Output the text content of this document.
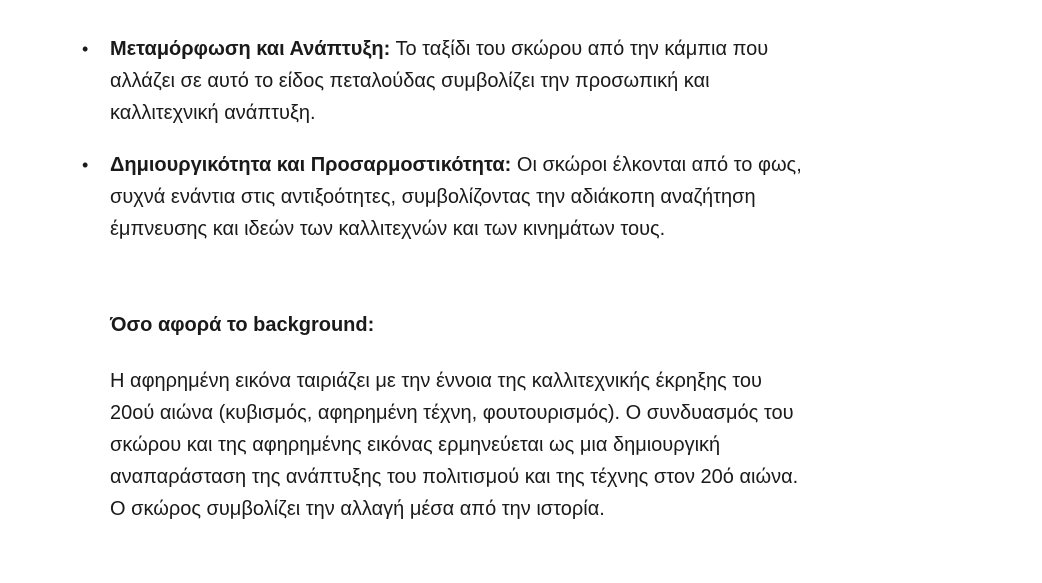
• Μεταμόρφωση και Ανάπτυξη: Το ταξίδι του σκώρου από την κάμπια που αλλάζει σε αυτό το είδος πεταλούδας συμβολίζει την προσωπική και καλλιτεχνική ανάπτυξη.
• Δημιουργικότητα και Προσαρμοστικότητα: Οι σκώροι έλκονται από το φως, συχνά ενάντια στις αντιξοότητες, συμβολίζοντας την αδιάκοπη αναζήτηση έμπνευσης και ιδεών των καλλιτεχνών και των κινημάτων τους.
Όσο αφορά το background:

Η αφηρημένη εικόνα ταιριάζει με την έννοια της καλλιτεχνικής έκρηξης του 20ού αιώνα (κυβισμός, αφηρημένη τέχνη, φουτουρισμός). Ο συνδυασμός του σκώρου και της αφηρημένης εικόνας ερμηνεύεται ως μια δημιουργική αναπαράσταση της ανάπτυξης του πολιτισμού και της τέχνης στον 20ό αιώνα. Ο σκώρος συμβολίζει την αλλαγή μέσα από την ιστορία.
